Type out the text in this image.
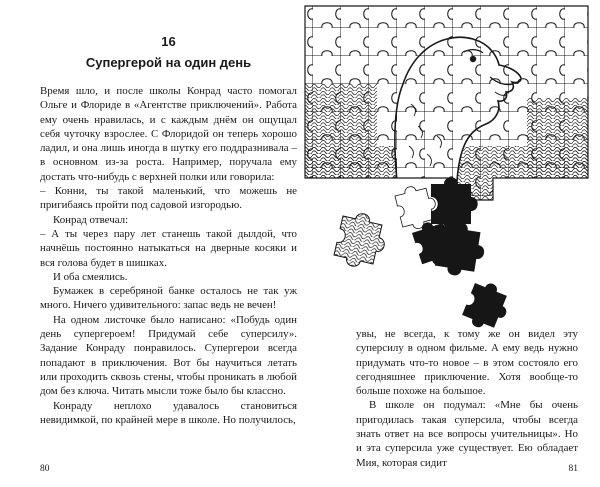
16
Супергерой на один день

Время шло, и после школы Конрад часто помогал Ольге и Флориде в «Агентстве приключений». Работа ему очень нравилась, и с каждым днём он ощущал себя чуточку взрослее. С Флоридой он теперь хорошо ладил, и она лишь иногда в шутку его поддразнивала – в основном из-за роста. Например, поручала ему достать что-нибудь с верхней полки или говорила:

– Конни, ты такой маленький, что можешь не пригибаясь пройти под садовой изгородью.

Конрад отвечал:

– А ты через пару лет станешь такой дылдой, что начнёшь постоянно натыкаться на дверные косяки и вся голова будет в шишках.

И оба смеялись.

Бумажек в серебряной банке осталось не так уж много. Ничего удивительного: запас ведь не вечен!

На одном листочке было написано: «Побудь один день супергероем! Придумай себе суперсилу». Задание Конраду понравилось. Супергерои всегда попадают в приключения. Вот бы научиться летать или проходить сквозь стены, чтобы проникать в любой дом без ключа. Читать мысли тоже было бы классно.

Конраду неплохо удавалось становиться невидимкой, по крайней мере в школе. Но получилось,

увы, не всегда, к тому же он видел эту суперсилу в одном фильме. А ему ведь нужно придумать что-то новое – в этом состояло его сегодняшнее приключение. Хотя вообще-то больше похоже на большое.

В школе он подумал: «Мне бы очень пригодилась такая суперсила, чтобы всегда знать ответ на все вопросы учительницы». Но и эта суперсила уже существует. Ею обладает Мия, которая сидит

80	81
